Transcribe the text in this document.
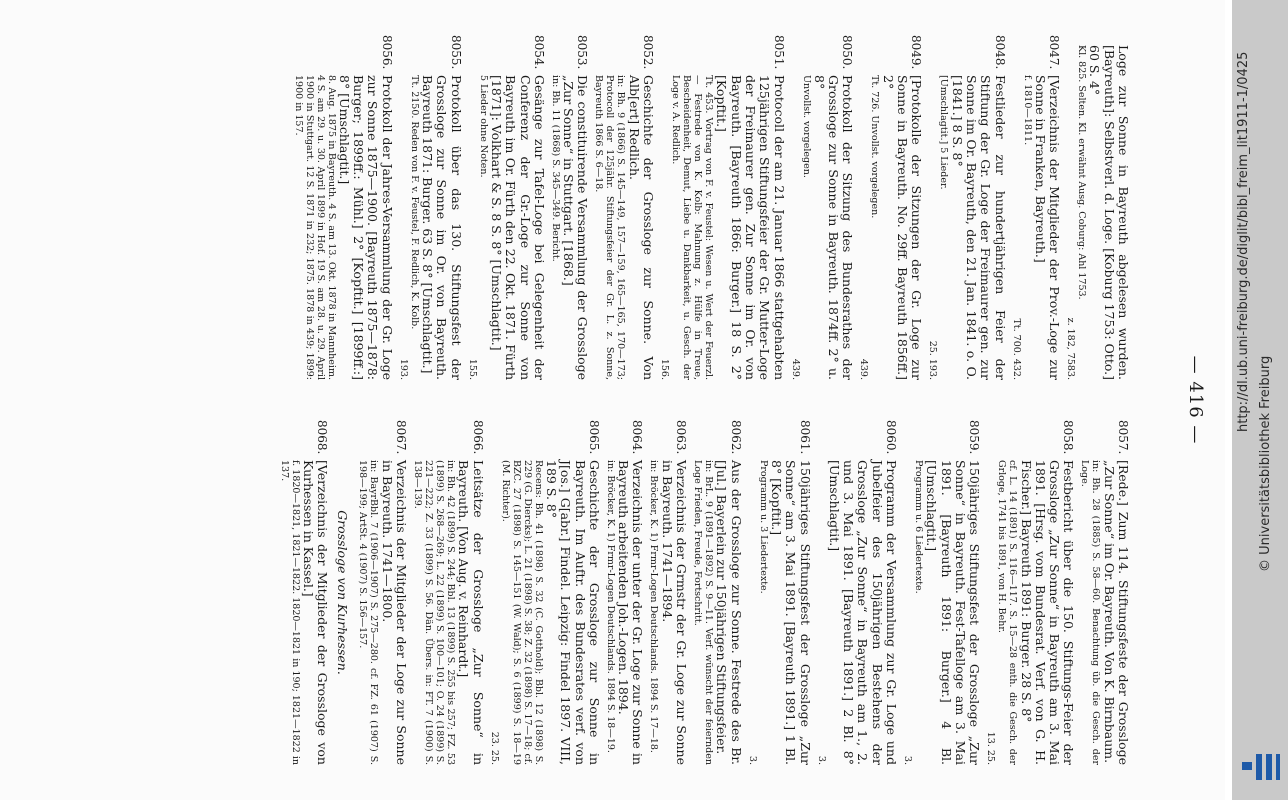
— 416 —
Loge zur Sonne in Bayreuth abgelesen wurden. [Bayreuth]: Selbstverl. d. Loge. [Koburg 1753: Otto.] 60 S. 4°
Kl. 825. Selten. Kl. erwähnt Ausg. Coburg: Ahl 1753.
z. 182, 7583.
8047.
[Verzeichnis der Mitglieder der Prov.-Loge zur Sonne in Franken, Bayreuth.]
f. 1810—1811.
Tt. 700. 432.
8048.
Festlieder zur hundertjährigen Feier der Stiftung der Gr. Loge der Freimaurer gen. zur Sonne im Or. Bayreuth, den 21. Jan. 1841. o. O. [1841.] 8 S. 8°
[Umschlagtit.] 5 Lieder.
25. 193.
8049.
[Protokolle der Sitzungen der Gr. Loge zur Sonne in Bayreuth. No. 29ff. Bayreuth 1856ff.] 2°
Tt. 726. Unvollst. vorgelegen.
439.
8050.
Protokoll der Sitzung des Bundesrathes der Grossloge zur Sonne in Bayreuth. 1874ff. 2° u. 8°
Unvollst. vorgelegen.
439.
8051.
Protocoll der am 21. Januar 1866 stattgehabten 125jährigen Stiftungsfeier der Gr. Mutter-Loge der Freimaurer gen. Zur Sonne im Or. von Bayreuth. [Bayreuth 1866: Burger.] 18 S. 2° [Kopftit.]
Tt. 453. Vortrag von F. v. Feustel: Wesen u. Wert der Feuerzl. — Festrede von K. Kolb: Mahnung z. Hülfe in Treue, Bescheidenheit, Demut, Liebe u. Dankbarkeit, u. Gesch. der Loge v. A. Redlich.
156.
8052.
Geschichte der Grossloge zur Sonne. Von Alb[ert] Redlich.
in: Bh. 9 (1866) S. 145—149, 157—159, 165—165, 170—173; Protocoll der 125jähr. Stiftungsfeier der Gr. L. z. Sonne, Bayreuth 1866 S. 6—18.
8053.
Die constituirende Versammlung der Grossloge „Zur Sonne“ in Stuttgart. [1868.]
in: Bh. 11 (1868) S. 345—349. Bericht.
8054.
Gesänge zur Tafel-Loge bei Gelegenheit der Conferenz der Gr.-Loge zur Sonne von Bayreuth im Or. Fürth den 22. Okt. 1871. Fürth [1871]: Volkhart & S. 8 S. 8° [Umschlagtit.]
5 Lieder ohne Noten.
155.
8055.
Protokoll über das 130. Stiftungsfest der Grossloge zur Sonne im Or. von Bayreuth. Bayreuth 1871: Burger. 63 S. 8° [Umschlagtit.]
Tt. 2150. Reden von F. v. Feustel, F. Redlich, K. Kolb.
193.
8056.
Protokoll der Jahres-Versammlung der Gr. Loge zur Sonne 1875—1900. [Bayreuth 1875—1878: Burger; 1899ff.: Mühl.] 2° [Kopftit.] [1899ff.:] 8° [Umschlagtit.]
8. Aug. 1875 in Bayreuth. 4 S. am 13. Okt. 1878 in Mannheim. 4 S. am 29. u. 30. April 1899 in Hof. 19 S. am 28. u. 29. April 1900 in Stuttgart. 12 S. 1871 in 232; 1875. 1878 in 439; 1899: 1900 in 157.
8057.
[Rede.] Zum 114. Stiftungsfeste der Grossloge „Zur Sonne“ im Or. Bayreuth. Von K. Birnbaum.
in: Bh. 28 (1885) S. 58—60. Benachtung üb. die Gesch. der Loge.
8058.
Festbericht über die 150. Stiftungs-Feier der Grossloge „Zur Sonne“ in Bayreuth am 3. Mai 1891. [Hrsg. vom Bundesrat. Verf. von G. H. Fischer.] Bayreuth 1891: Burger. 28 S. 8°
cf. L. 14 (1891) S. 116—117. S. 15—28 enth. die Gesch. der Grloge, 1741 bis 1891, von H. Behr.
13. 25.
8059.
150jähriges Stiftungsfest der Grossloge „Zur Sonne“ in Bayreuth. Fest-Tafelloge am 3. Mai 1891. [Bayreuth 1891: Burger.] 4 Bl. [Umschlagtit.]
Programm u. 6 Liedertexte.
3.
8060.
Programm der Versammlung zur Gr. Loge und Jubelfeier des 150jährigen Bestehens der Grossloge „Zur Sonne“ in Bayreuth am 1., 2. und 3. Mai 1891. [Bayreuth 1891.] 2 Bl. 8° [Umschlagtit.]
3.
8061.
150jähriges Stiftungsfest der Grossloge „Zur Sonne“ am 3. Mai 1891. [Bayreuth 1891.] 1 Bl. 8° [Kopftit.]
Programm u. 3 Liedertexte.
3.
8062.
Aus der Grossloge zur Sonne. Festrede des Br. [Jul.] Bayerlein zur 150jährigen Stiftungsfeier.
in: BrL. 9 (1891—1892) S. 9—11. Verf. wünscht der feiernden Loge Frieden, Freude, Fortschritt.
8063.
Verzeichnis der Grmstr der Gr. Loge zur Sonne in Bayreuth. 1741—1894.
in: Bröcker, K. 1) Frmr-Logen Deutschlands. 1894 S. 17—18.
8064.
Verzeichnis der unter der Gr. Loge zur Sonne in Bayreuth arbeitenden Joh.-Logen. 1894.
in: Bröcker, K. 1) Frmr-Logen Deutschlands. 1894 S. 18—19.
8065.
Geschichte der Grossloge zur Sonne in Bayreuth. Im Auftr. des Bundesrates verf. von J[os.] G[abr.] Findel. Leipzig: Findel 1897. VIII, 189 S. 8°
Recens: Bh. 41 (1898) S. 32 (C. Gotthold); Bbl. 12 (1898) S. 229 (G. Diercks); L. 21 (1898) S. 38; Z. 32 (1898) S. 17—18; cf. BZC. 27 (1898) S. 145—151 (W. Wald); S. 6 (1899) S. 18—19 (M. Richter).
23. 25.
8066.
Leitsätze der Grossloge „Zur Sonne“ in Bayreuth. [Von Aug. v. Reinhardt.]
in: Bh. 42 (1899) S. 244; Bbl. 13 (1899) S. 255 bis 257; FZ. 53 (1899) S. 268—269; L. 22 (1899) S. 100—101; O. 24 (1899) S. 221—222; Z. 33 (1899) S. 56. Dän. Übers. in: FT. 7 (1900) S. 138—139.
8067.
Verzeichnis der Mitglieder der Loge zur Sonne in Bayreuth. 1741—1800.
in: BayrBbl. 7 (1906—1907) S. 275—280. cf. FZ. 61 (1907) S. 198—199; ArtSt. 4 (1907) S. 156—157.
Grossloge von Kurhessen.
8068.
[Verzeichnis der Mitglieder der Grossloge von Kurhessen in Kassel.]
f. 1820—1821, 1821—1822. 1820—1821 in 190; 1821—1822 in 137.
http://dl.ub.uni-freiburg.de/diglit/bibl_freim_lit1911-1/0425
© Universitätsbibliothek Freiburg
